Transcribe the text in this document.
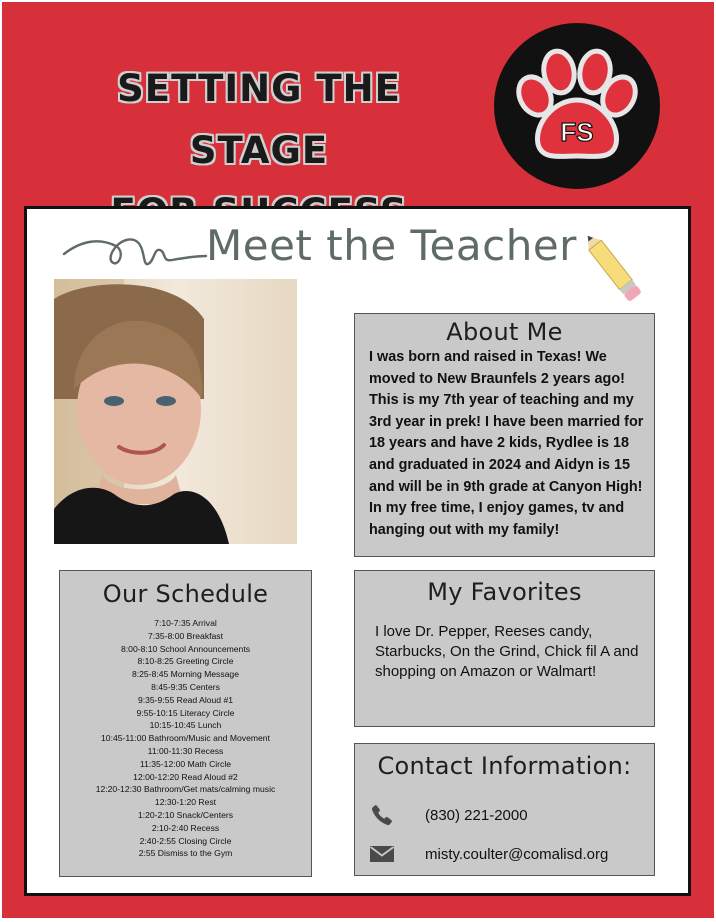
SETTING THE STAGE	FS
Meet the Teacher
About Me

I was born and raised in Texas! We moved to New Braunfels 2 years ago! This is my 7th year of teaching and my 3rd year in prek! I have been married for 18 years and have 2 kids, Rydlee is 18 and graduated in 2024 and Aidyn is 15 and will be in 9th grade at Canyon High! In my free time, I enjoy games, tv and hanging out with my family!

Our Schedule
7:10-7:35 Arrival
7:35-8:00 Breakfast
8:00-8:10 School Announcements
8:10-8:25 Greeting Circle
8:25-8:45 Morning Message
8:45-9:35 Centers
9:35-9:55 Read Aloud #1
9:55-10:15 Literacy Circle
10:15-10:45 Lunch
10:45-11:00 Bathroom/Music and Movement
11:00-11:30 Recess
11:35-12:00 Math Circle
12:00-12:20 Read Aloud #2
12:20-12:30 Bathroom/Get mats/calming music
12:30-1:20 Rest
1:20-2:10 Snack/Centers
2:10-2:40 Recess
2:40-2:55 Closing Circle
2:55 Dismiss to the Gym
My Favorites

I love Dr. Pepper, Reeses candy, Starbucks, On the Grind, Chick fil A and shopping on Amazon or Walmart!

Contact Information:
(830) 221-2000
misty.coulter@comalisd.org
